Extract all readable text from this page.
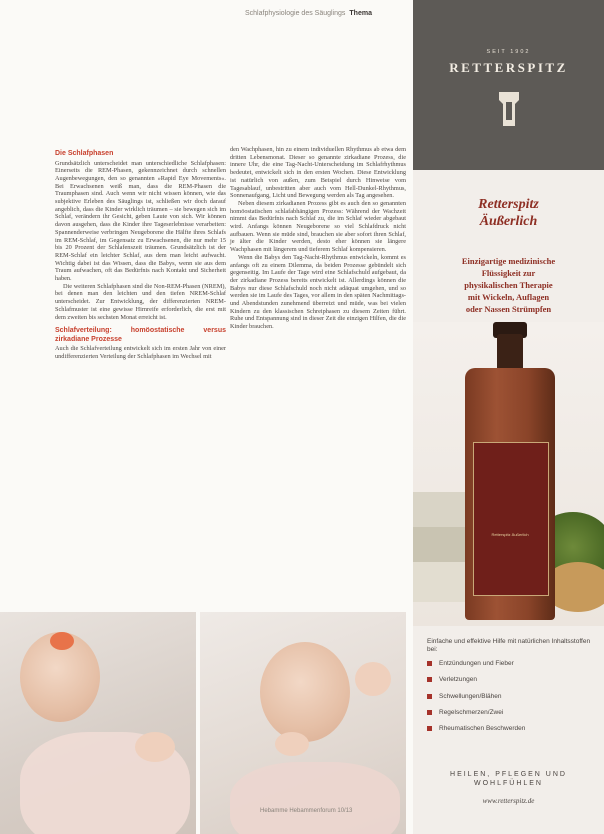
Schlafphysiologie des Säuglings Thema
Die Schlafphasen

Grundsätzlich unterscheidet man unterschiedliche Schlafphasen: Einerseits die REM-Phasen, gekennzeichnet durch schnellen Augenbewegungen, den so genannten »Rapid Eye Movements«. Bei Erwachsenen weiß man, dass die REM-Phasen die Traumphasen sind. Auch wenn wir nicht wissen können, wie das subjektive Erleben des Säuglings ist, schließen wir doch darauf angeblich, dass die Kinder wirklich träumen – sie bewegen sich im Schlaf, verändern ihr Gesicht, geben Laute von sich. Wir können davon ausgehen, dass die Kinder ihre Tageserlebnisse verarbeiten: Spannenderweise verbringen Neugeborene die Hälfte ihres Schlafs im REM-Schlaf, im Gegensatz zu Erwachsenen, die nur mehr 15 bis 20 Prozent der Schlafenszeit träumen. Grundsätzlich ist der REM-Schlaf ein leichter Schlaf, aus dem man leicht aufwacht. Wichtig dabei ist das Wissen, dass die Babys, wenn sie aus dem Traum aufwachen, oft das Bedürfnis nach Kontakt und Sicherheit haben.

Die weiteren Schlafphasen sind die Non-REM-Phasen (NREM), bei denen man den leichten und den tiefen NREM-Schlaf unterscheidet. Zur Entwicklung, der differenzierten NREM-Schlafmuster ist eine gewisse Hirnreife erforderlich, die erst mit dem zweiten bis sechsten Monat erreicht ist.

Schlafverteilung: homöostatische versus zirkadiane Prozesse

Auch die Schlafverteilung entwickelt sich im ersten Jahr von einer undifferenzierten Verteilung der Schlafphasen im Wechsel mit

den Wachphasen, hin zu einem individuellen Rhythmus ab etwa dem dritten Lebensmonat. Dieser so genannte zirkadiane Prozess, die innere Uhr, die eine Tag-Nacht-Unterscheidung im Schlafrhythmus bedeutet, entwickelt sich in den ersten Wochen. Diese Entwicklung ist natürlich von außen, zum Beispiel durch Hinweise vom Tagesablauf, unbestritten aber auch vom Hell-Dunkel-Rhythmus, Sonnenaufgang, Licht und Bewegung werden als Tag angesehen.

Neben diesem zirkadianen Prozess gibt es auch den so genannten homöostatischen schlafabhängigen Prozess: Während der Wachzeit nimmt das Bedürfnis nach Schlaf zu, die im Schlaf wieder abgebaut wird. Anfangs können Neugeborene so viel Schlafdruck nicht aufbauen. Wenn sie müde sind, brauchen sie aber sofort ihren Schlaf, je älter die Kinder werden, desto eher können sie längere Wachphasen mit längerem und tieferem Schlaf kompensieren.

Wenn die Babys den Tag-Nacht-Rhythmus entwickeln, kommt es anfangs oft zu einem Dilemma, da beiden Prozesse gebündelt sich gegenseitig. Im Laufe der Tage wird eine Schlafschuld aufgebaut, da der zirkadiane Prozess bereits entwickelt ist. Allerdings können die Babys nur diese Schlafschuld noch nicht adäquat umgehen, und so werden sie im Laufe des Tages, vor allem in den späten Nachmittags- und Abendstunden zunehmend überreizt und müde, was bei vielen Kindern zu den klassischen Schreiphasen zu diesem Zeiten führt. Ruhe und Entspannung sind in dieser Zeit die einzigen Hilfen, die die Kinder brauchen.

SEIT 1902
RETTERSPITZ
Retterspitz
Äußerlich
Einzigartige medizinische
Flüssigkeit zur
physikalischen Therapie
mit Wickeln, Auflagen
oder Nassen Strümpfen
Retterspitz Äußerlich

Einfache und effektive Hilfe mit natürlichen Inhaltsstoffen bei:

Entzündungen und Fieber
Verletzungen
Schwellungen/Blähen
Regelschmerzen/Zwei
Rheumatischen Beschwerden
HEILEN, PFLEGEN UND
WOHLFÜHLEN
www.retterspitz.de
Hebamme Hebammenforum 10/13
